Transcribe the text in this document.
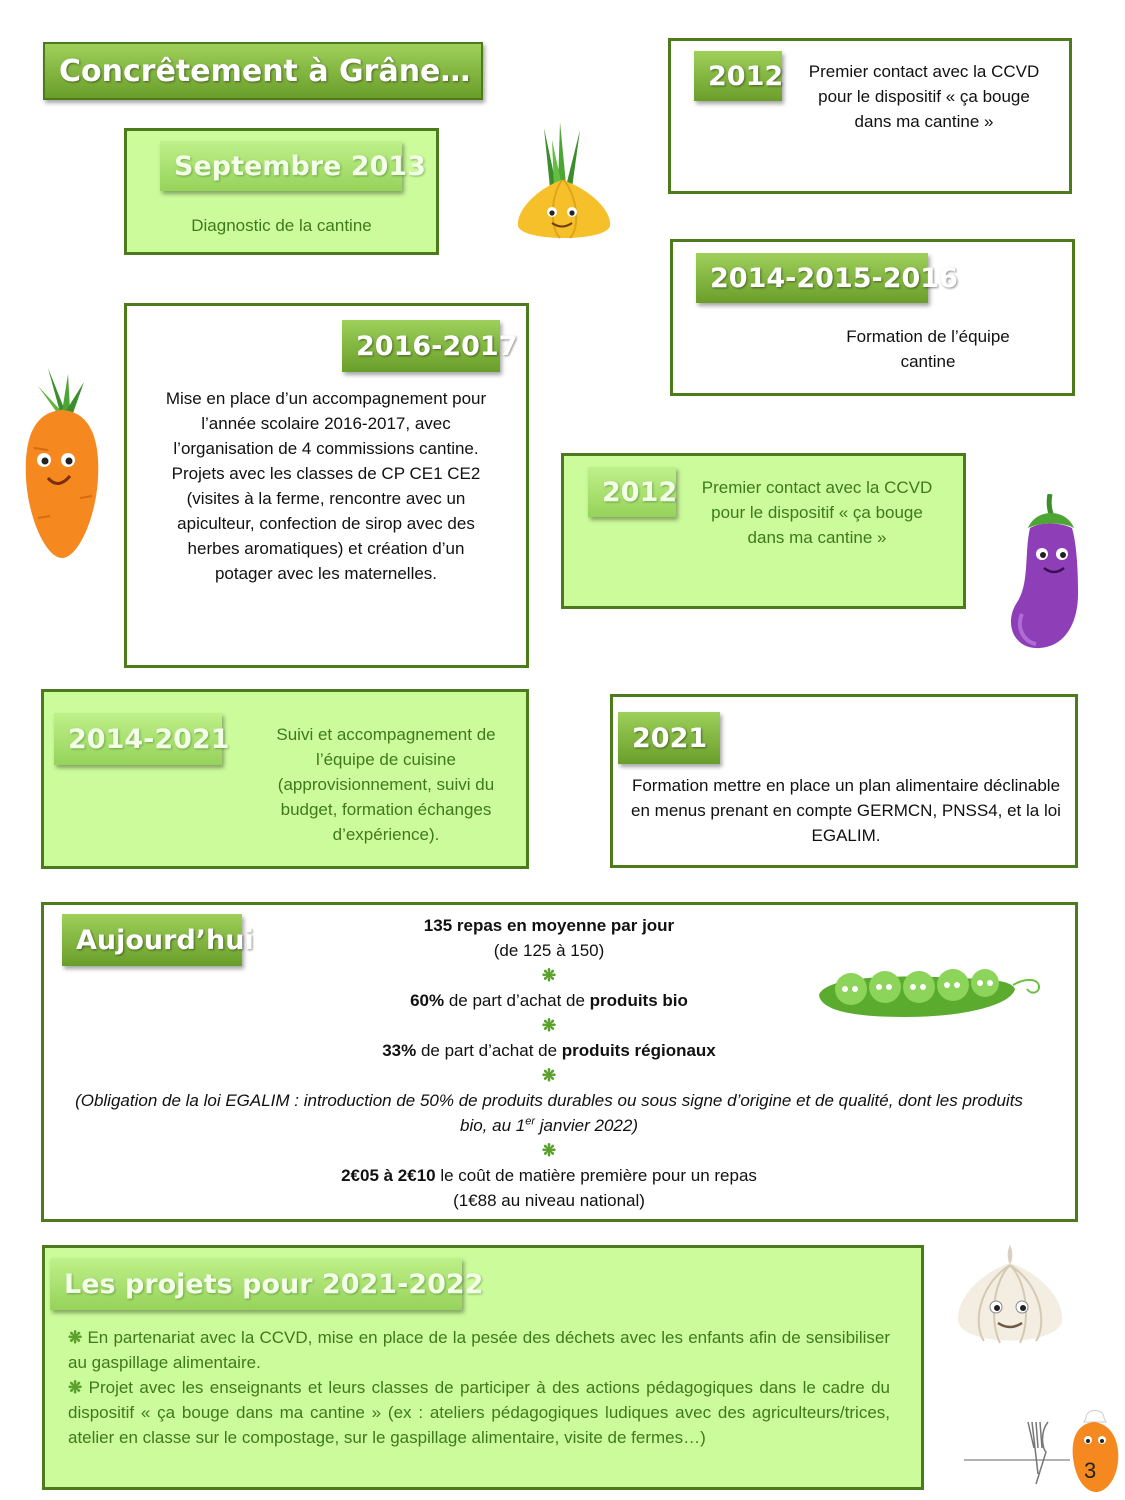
Concrêtement à Grâne…	2012 Premier contact avec la CCVD pour le dispositif « ça bouge dans ma cantine »
Septembre 2013
Diagnostic de la cantine
2014-2015-2016
Formation de l’équipe cantine
2016-2017
Mise en place d’un accompagnement pour l’année scolaire 2016-2017, avec l’organisation de 4 commissions cantine. Projets avec les classes de CP CE1 CE2 (visites à la ferme, rencontre avec un apiculteur, confection de sirop avec des herbes aromatiques) et création d’un potager avec les maternelles.
2012 Premier contact avec la CCVD pour le dispositif « ça bouge dans ma cantine »
2014-2021	Suivi et accompagnement de l’équipe de cuisine (approvisionnement, suivi du budget, formation échanges d’expérience).
2021
Formation mettre en place un plan alimentaire déclinable en menus prenant en compte GERMCN, PNSS4, et la loi EGALIM.
Aujourd’hui	135 repas en moyenne par jour
(de 125 à 150)
❋
60% de part d’achat de produits bio
❋
33% de part d’achat de produits régionaux
❋
(Obligation de la loi EGALIM : introduction de 50% de produits durables ou sous signe d’origine et de qualité, dont les produits bio, au 1er janvier 2022)
❋
2€05 à 2€10 le coût de matière première pour un repas
(1€88 au niveau national)
Les projets pour 2021-2022

❋ En partenariat avec la CCVD, mise en place de la pesée des déchets avec les enfants afin de sensibiliser au gaspillage alimentaire.

❋ Projet avec les enseignants et leurs classes de participer à des actions pédagogiques dans le cadre du dispositif « ça bouge dans ma cantine » (ex : ateliers pédagogiques ludiques avec des agriculteurs/trices, atelier en classe sur le compostage, sur le gaspillage alimentaire, visite de fermes…)

3
